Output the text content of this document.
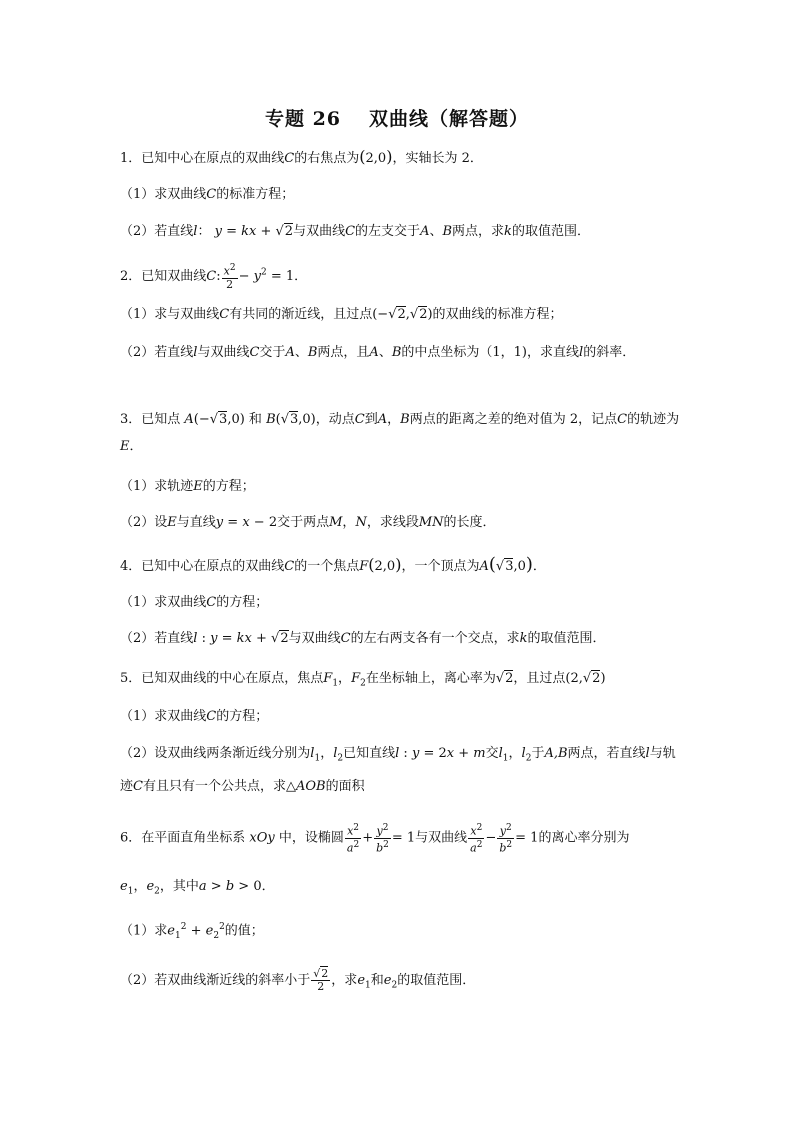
专题 26 双曲线（解答题）
1．已知中心在原点的双曲线C的右焦点为(2,0)，实轴长为 2．
（1）求双曲线C的标准方程；
（2）若直线l： y = kx + √2与双曲线C的左支交于A、B两点，求k的取值范围．
2．已知双曲线C: $\frac{x^2}{2} - y^2 = 1$．
（1）求与双曲线C有共同的渐近线，且过点(−√2,√2)的双曲线的标准方程；
（2）若直线l与双曲线C交于A、B两点，且A、B的中点坐标为（1，1)，求直线l的斜率．
3．已知点 A(−√3,0) 和 B(√3,0)，动点C到A，B两点的距离之差的绝对值为 2，记点C的轨迹为E．
（1）求轨迹E的方程；
（2）设E与直线y = x − 2交于两点M，N，求线段MN的长度．
4．已知中心在原点的双曲线C的一个焦点F(2,0)，一个顶点为A(√3,0)．
（1）求双曲线C的方程；
（2）若直线l : y = kx + √2与双曲线C的左右两支各有一个交点，求k的取值范围．
5．已知双曲线的中心在原点，焦点$F_1$，$F_2$在坐标轴上，离心率为√2，且过点(2,√2)
（1）求双曲线C的方程；
（2）设双曲线两条渐近线分别为$l_1$，$l_2$已知直线l : y = 2x + m交$l_1$，$l_2$于A,B两点，若直线l与轨迹C有且只有一个公共点，求△AOB的面积
6．在平面直角坐标系 xOy 中，设椭圆 $\frac{x^2}{a^2} + \frac{y^2}{b^2} = 1$与双曲线 $\frac{x^2}{a^2} - \frac{y^2}{b^2} = 1$的离心率分别为
$e_1$，$e_2$，其中a > b > 0．
（1）求$e_1^2 + e_2^2$的值；
（2）若双曲线渐近线的斜率小于 $\frac{√2}{2}$ ，求$e_1$和$e_2$的取值范围．
